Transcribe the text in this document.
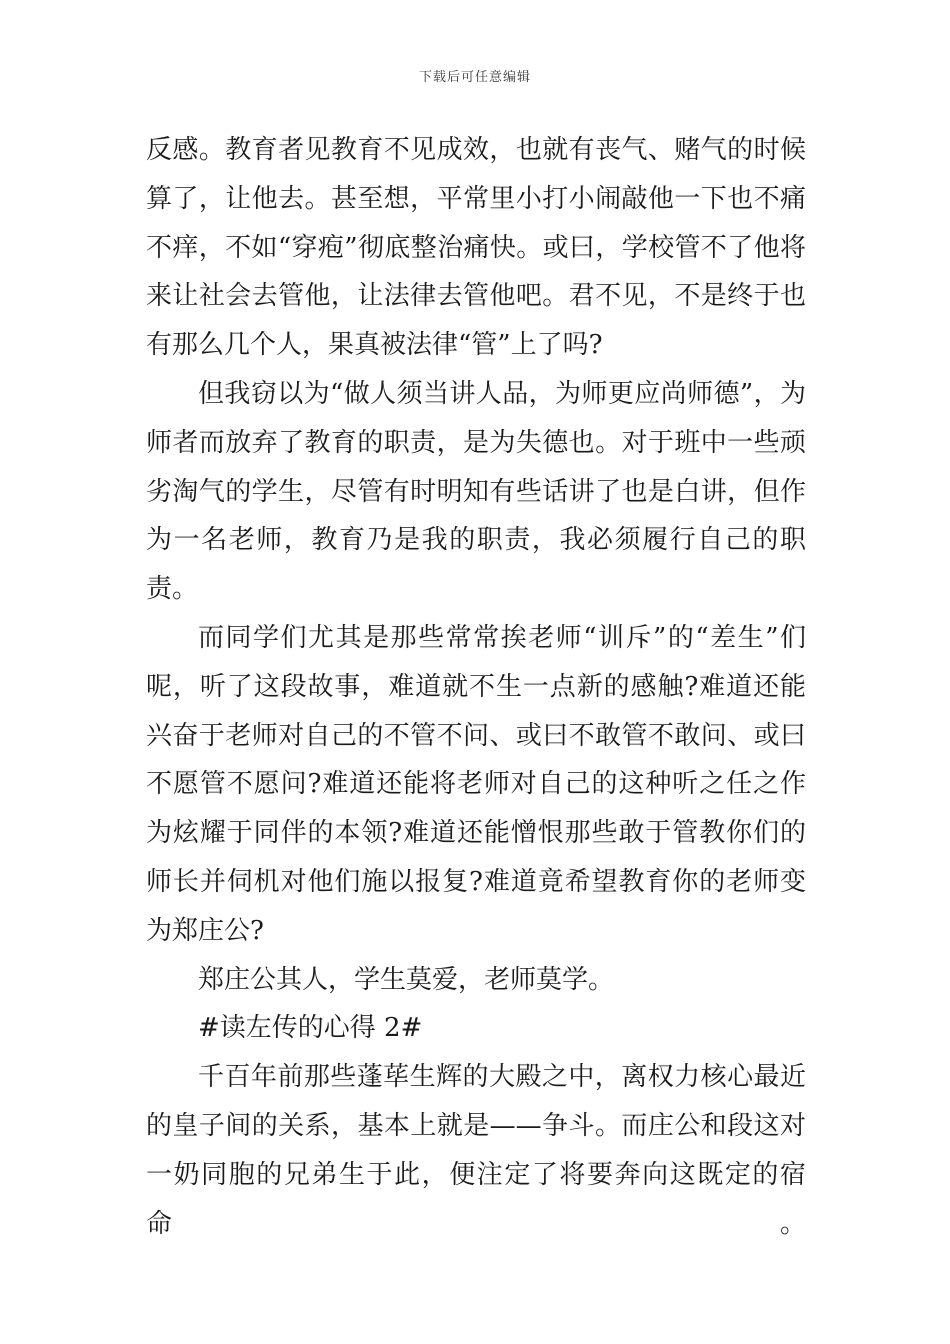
下载后可任意编辑

反感。教育者见教育不见成效，也就有丧气、赌气的时候算了，让他去。甚至想，平常里小打小闹敲他一下也不痛不痒，不如“穿疱”彻底整治痛快。或曰，学校管不了他将来让社会去管他，让法律去管他吧。君不见，不是终于也有那么几个人，果真被法律“管”上了吗?

但我窃以为“做人须当讲人品，为师更应尚师德”，为师者而放弃了教育的职责，是为失德也。对于班中一些顽劣淘气的学生，尽管有时明知有些话讲了也是白讲，但作为一名老师，教育乃是我的职责，我必须履行自己的职责。

而同学们尤其是那些常常挨老师“训斥”的“差生”们呢，听了这段故事，难道就不生一点新的感触?难道还能兴奋于老师对自己的不管不问、或曰不敢管不敢问、或曰不愿管不愿问?难道还能将老师对自己的这种听之任之作为炫耀于同伴的本领?难道还能憎恨那些敢于管教你们的师长并伺机对他们施以报复?难道竟希望教育你的老师变为郑庄公?

郑庄公其人，学生莫爱，老师莫学。

#读左传的心得 2#

千百年前那些蓬荜生辉的大殿之中，离权力核心最近的皇子间的关系，基本上就是——争斗。而庄公和段这对一奶同胞的兄弟生于此，便注定了将要奔向这既定的宿命。
